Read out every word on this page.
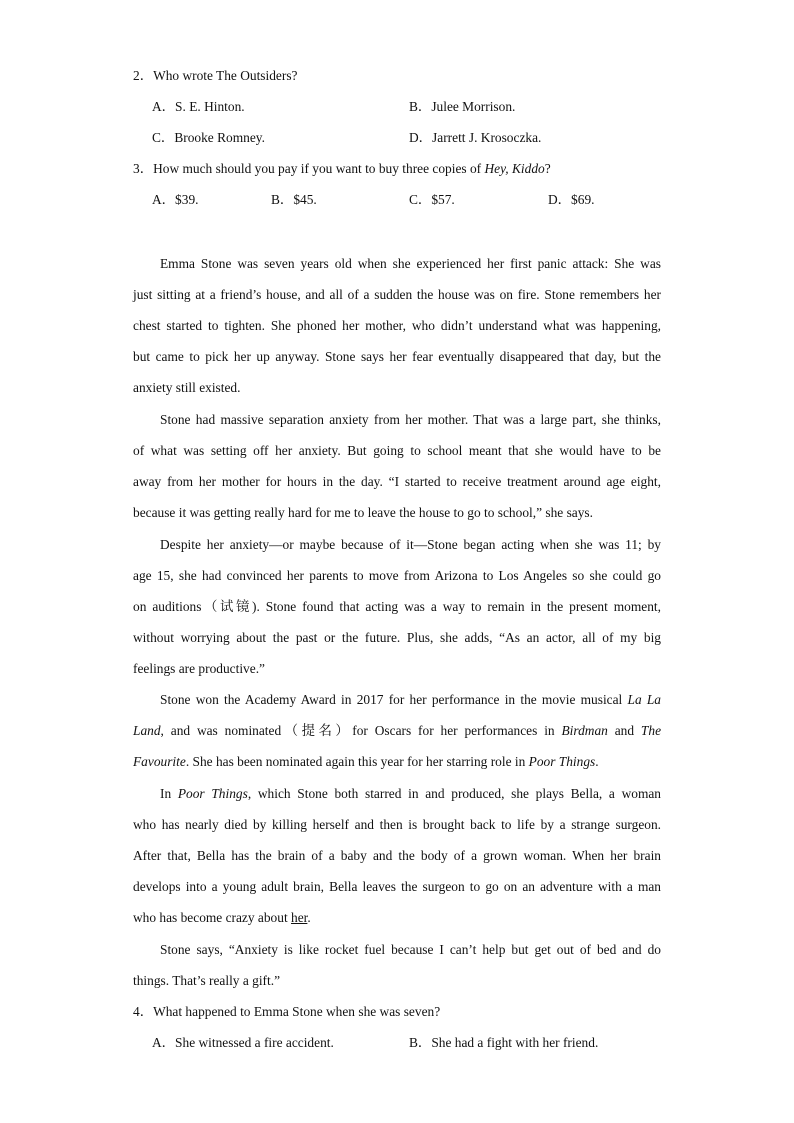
2．Who wrote The Outsiders?
A．S. E. Hinton.	B．Julee Morrison.
C．Brooke Romney.	D．Jarrett J. Krosoczka.
3．How much should you pay if you want to buy three copies of Hey, Kiddo?
A．$39.	B．$45.	C．$57.	D．$69.
Emma Stone was seven years old when she experienced her first panic attack: She was
just sitting at a friend’s house, and all of a sudden the house was on fire. Stone remembers her
chest started to tighten. She phoned her mother, who didn’t understand what was happening,
but came to pick her up anyway. Stone says her fear eventually disappeared that day, but the
anxiety still existed.
Stone had massive separation anxiety from her mother. That was a large part, she thinks,
of what was setting off her anxiety. But going to school meant that she would have to be
away from her mother for hours in the day. “I started to receive treatment around age eight,
because it was getting really hard for me to leave the house to go to school,” she says.
Despite her anxiety—or maybe because of it—Stone began acting when she was 11; by
age 15, she had convinced her parents to move from Arizona to Los Angeles so she could go
on auditions（试镜). Stone found that acting was a way to remain in the present moment,
without worrying about the past or the future. Plus, she adds, “As an actor, all of my big
feelings are productive.”
Stone won the Academy Award in 2017 for her performance in the movie musical La La
Land, and was nominated（提名）for Oscars for her performances in Birdman and The
Favourite. She has been nominated again this year for her starring role in Poor Things.
In Poor Things, which Stone both starred in and produced, she plays Bella, a woman
who has nearly died by killing herself and then is brought back to life by a strange surgeon.
After that, Bella has the brain of a baby and the body of a grown woman. When her brain
develops into a young adult brain, Bella leaves the surgeon to go on an adventure with a man
who has become crazy about her.
Stone says, “Anxiety is like rocket fuel because I can’t help but get out of bed and do
things. That’s really a gift.”
4．What happened to Emma Stone when she was seven?
A．She witnessed a fire accident.	B．She had a fight with her friend.
